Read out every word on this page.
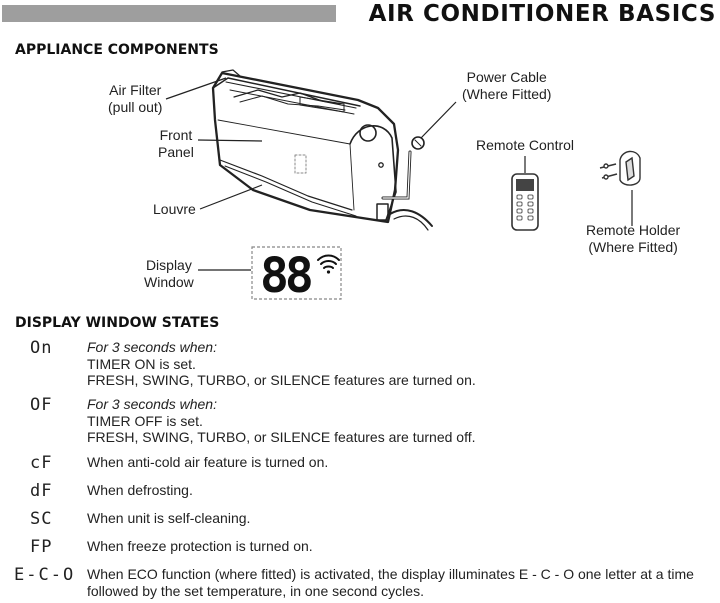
AIR CONDITIONER BASICS
APPLIANCE COMPONENTS
88
Air Filter
(pull out)
Front
Panel
Louvre
Display
Window
Power Cable
(Where Fitted)
Remote Control
Remote Holder
(Where Fitted)
DISPLAY WINDOW STATES
On For 3 seconds when:
TIMER ON is set.
FRESH, SWING, TURBO, or SILENCE features are turned on.
OF For 3 seconds when:
TIMER OFF is set.
FRESH, SWING, TURBO, or SILENCE features are turned off.
cF When anti-cold air feature is turned on.
dF When defrosting.
SC When unit is self-cleaning.
FP When freeze protection is turned on.
E-C-O When ECO function (where fitted) is activated, the display illuminates E - C - O one letter at a time
followed by the set temperature, in one second cycles.
